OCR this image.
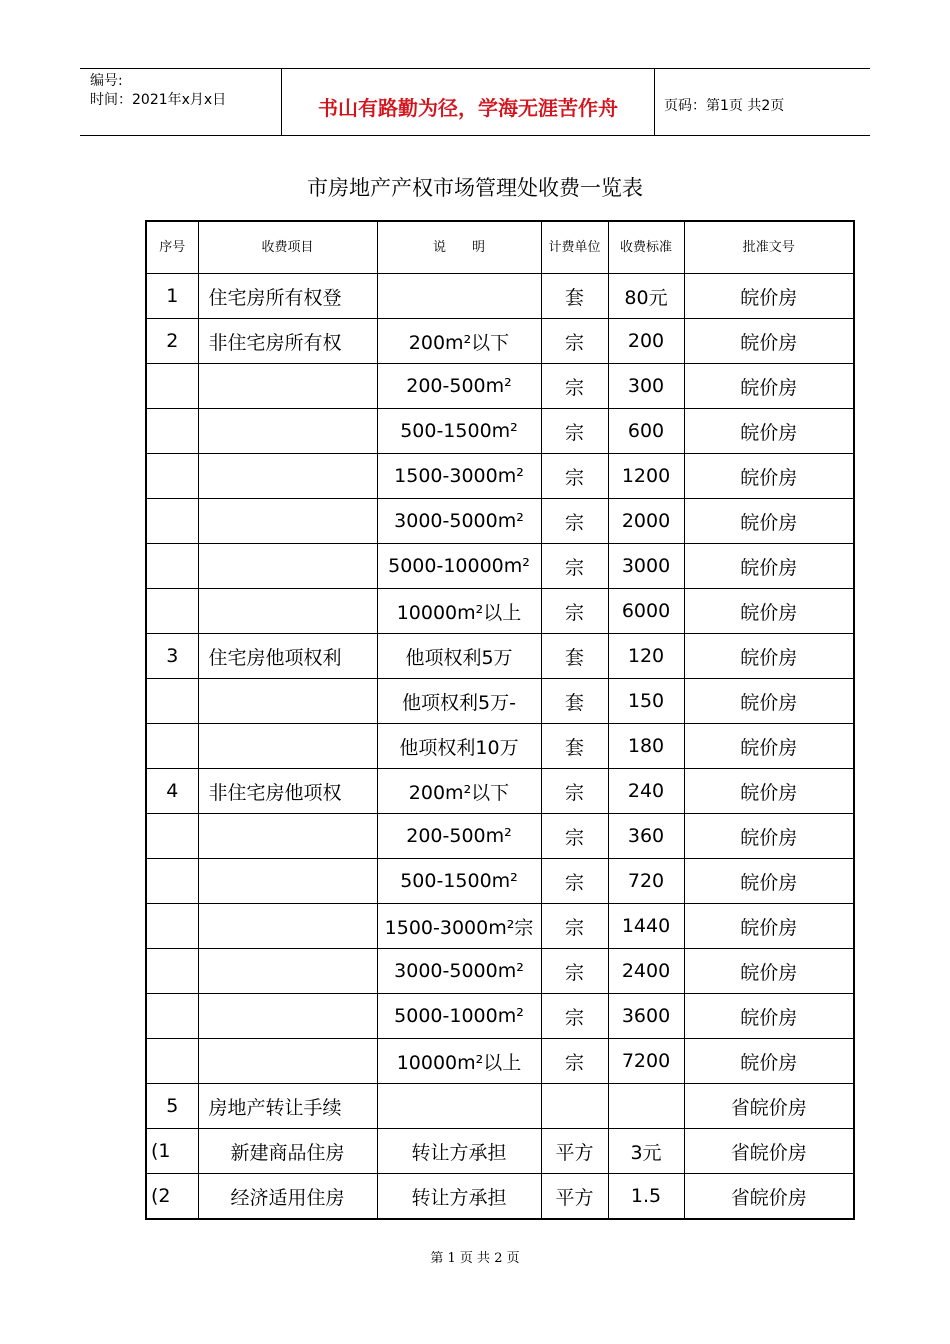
编号:
时间：2021年x月x日	书山有路勤为径，学海无涯苦作舟	页码：第1页 共2页
市房地产产权市场管理处收费一览表
序号	收费项目	说　　明	计费单位	收费标准	批准文号
1	住宅房所有权登		套	80元	皖价房
2	非住宅房所有权	200m²以下	宗	200	皖价房
		200-500m²	宗	300	皖价房
		500-1500m²	宗	600	皖价房
		1500-3000m²	宗	1200	皖价房
		3000-5000m²	宗	2000	皖价房
		5000-10000m²	宗	3000	皖价房
		10000m²以上	宗	6000	皖价房
3	住宅房他项权利	他项权利5万	套	120	皖价房
		他项权利5万-	套	150	皖价房
		他项权利10万	套	180	皖价房
4	非住宅房他项权	200m²以下	宗	240	皖价房
		200-500m²	宗	360	皖价房
		500-1500m²	宗	720	皖价房
		1500-3000m²宗	宗	1440	皖价房
		3000-5000m²	宗	2400	皖价房
		5000-1000m²	宗	3600	皖价房
		10000m²以上	宗	7200	皖价房
5	房地产转让手续				省皖价房
(1	新建商品住房	转让方承担	平方	3元	省皖价房
(2	经济适用住房	转让方承担	平方	1.5	省皖价房
第 1 页 共 2 页
